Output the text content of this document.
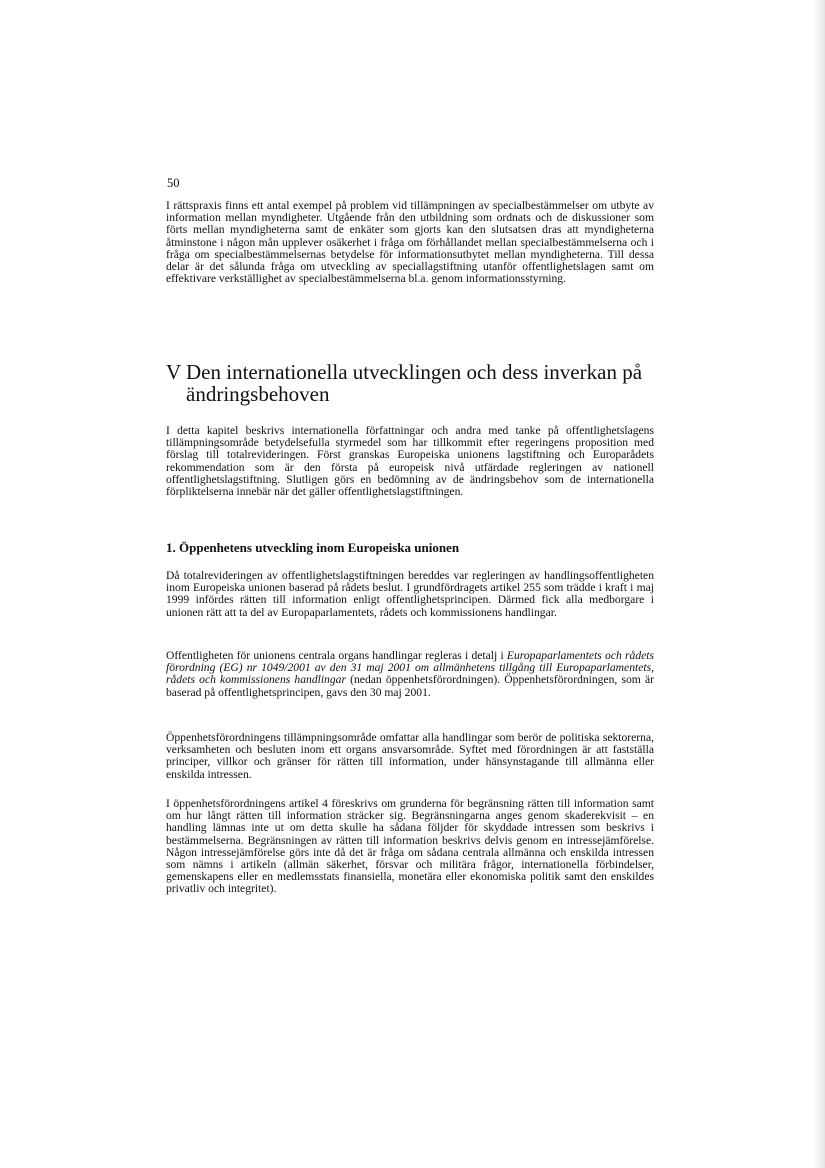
50

I rättspraxis finns ett antal exempel på problem vid tillämpningen av specialbestämmelser om utbyte av information mellan myndigheter. Utgående från den utbildning som ordnats och de diskussioner som förts mellan myndigheterna samt de enkäter som gjorts kan den slutsatsen dras att myndigheterna åtminstone i någon mån upplever osäkerhet i fråga om förhållandet mellan specialbestämmelserna och i fråga om specialbestämmelsernas betydelse för informationsutbytet mellan myndigheterna. Till dessa delar är det sålunda fråga om utveckling av speciallagstiftning utanför offentlighetslagen samt om effektivare verkställighet av specialbestämmelserna bl.a. genom informationsstyrning.

V Den internationella utvecklingen och dess inverkan på ändringsbehoven

I detta kapitel beskrivs internationella författningar och andra med tanke på offentlighetslagens tillämpningsområde betydelsefulla styrmedel som har tillkommit efter regeringens proposition med förslag till totalrevideringen. Först granskas Europeiska unionens lagstiftning och Europarådets rekommendation som är den första på europeisk nivå utfärdade regleringen av nationell offentlighetslagstiftning. Slutligen görs en bedömning av de ändringsbehov som de internationella förpliktelserna innebär när det gäller offentlighetslagstiftningen.

1. Öppenhetens utveckling inom Europeiska unionen

Då totalrevideringen av offentlighetslagstiftningen bereddes var regleringen av handlingsoffentligheten inom Europeiska unionen baserad på rådets beslut. I grundfördragets artikel 255 som trädde i kraft i maj 1999 infördes rätten till information enligt offentlighetsprincipen. Därmed fick alla medborgare i unionen rätt att ta del av Europaparlamentets, rådets och kommissionens handlingar.

Offentligheten för unionens centrala organs handlingar regleras i detalj i Europaparlamentets och rådets förordning (EG) nr 1049/2001 av den 31 maj 2001 om allmänhetens tillgång till Europaparlamentets, rådets och kommissionens handlingar (nedan öppenhetsförordningen). Öppenhetsförordningen, som är baserad på offentlighetsprincipen, gavs den 30 maj 2001.

Öppenhetsförordningens tillämpningsområde omfattar alla handlingar som berör de politiska sektorerna, verksamheten och besluten inom ett organs ansvarsområde. Syftet med förordningen är att fastställa principer, villkor och gränser för rätten till information, under hänsynstagande till allmänna eller enskilda intressen.

I öppenhetsförordningens artikel 4 föreskrivs om grunderna för begränsning rätten till information samt om hur långt rätten till information sträcker sig. Begränsningarna anges genom skaderekvisit – en handling lämnas inte ut om detta skulle ha sådana följder för skyddade intressen som beskrivs i bestämmelserna. Begränsningen av rätten till information beskrivs delvis genom en intressejämförelse. Någon intressejämförelse görs inte då det är fråga om sådana centrala allmänna och enskilda intressen som nämns i artikeln (allmän säkerhet, försvar och militära frågor, internationella förbindelser, gemenskapens eller en medlemsstats finansiella, monetära eller ekonomiska politik samt den enskildes privatliv och integritet).
